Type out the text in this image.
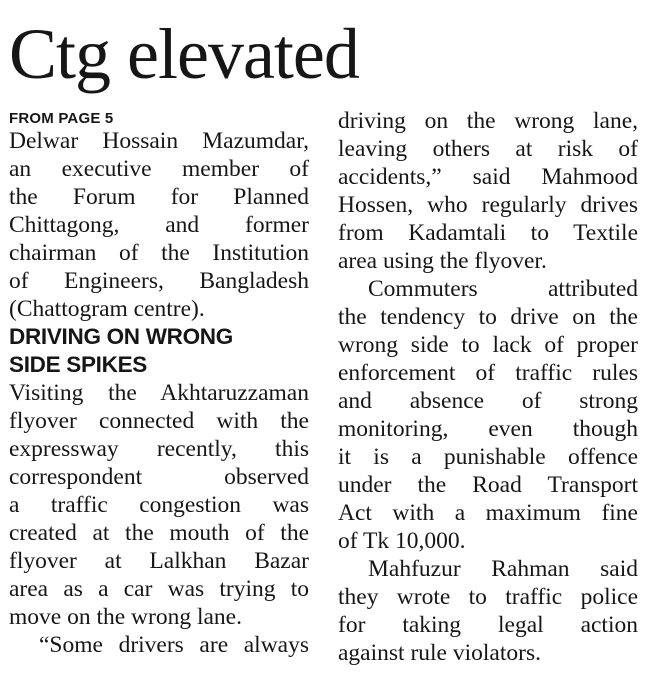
Ctg elevated
FROM PAGE 5
Delwar Hossain Mazumdar,
an executive member of
the Forum for Planned
Chittagong, and former
chairman of the Institution
of Engineers, Bangladesh
(Chattogram centre).
DRIVING ON WRONG
SIDE SPIKES
Visiting the Akhtaruzzaman
flyover connected with the
expressway recently, this
correspondent observed
a traffic congestion was
created at the mouth of the
flyover at Lalkhan Bazar
area as a car was trying to
move on the wrong lane.
“Some drivers are always
driving on the wrong lane,
leaving others at risk of
accidents,” said Mahmood
Hossen, who regularly drives
from Kadamtali to Textile
area using the flyover.
Commuters attributed
the tendency to drive on the
wrong side to lack of proper
enforcement of traffic rules
and absence of strong
monitoring, even though
it is a punishable offence
under the Road Transport
Act with a maximum fine
of Tk 10,000.
Mahfuzur Rahman said
they wrote to traffic police
for taking legal action
against rule violators.
